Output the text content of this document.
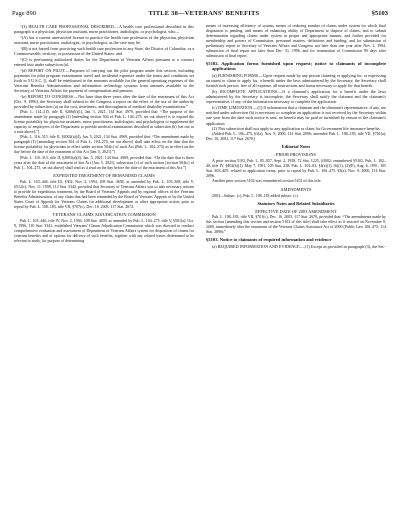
Page 890	TITLE 38—VETERANS' BENEFITS	§5103

“(3) HEALTH CARE PROFESSIONAL DESCRIBED.—A health care professional described in this paragraph is a physician, physician assistant, nurse practitioner, audiologist, or psychologist, who—

“(A) has a current unrestricted license to practice the health care profession of the physician, physician assistant, nurse practitioner, audiologist, or psychologist, as the case may be;

“(B) is not barred from practicing such health care profession in any State, the District of Columbia, or a Commonwealth, territory, or possession of the United States; and

“(C) is performing authorized duties for the Department of Veterans Affairs pursuant to a contract entered into under subsection (a).

“(d) REPORT ON PILOT.—Purposes of carrying out the pilot program under this section, including payments for pilot program examination travel and incidental expenses under the terms and conditions set forth in 5 U.S.C. [], shall be reimbursed to the amounts available for the general operating expenses of the Veterans Benefits Administration and information technology systems from amounts available to the Secretary of Veterans Affairs for payment of compensation and pension.

“(e) REPORT TO CONGRESS.—Not later than three years after the date of the enactment of this Act [Oct. 9, 1996], the Secretary shall submit to the Congress a report on the effect of the use of the authority provided by subsection (a) on the cost, timeliness, and thoroughness of medical disability examinations.”

[Pub. L. 114–315, title II, §206(b)(1), Jan. 1, 2021, 134 Stat. 4970, provided that: “The purpose of the amendment made by paragraph (1) [amending section 504 of Pub. L. 104–275, set out above] is to expand the license portability for physician assistants, nurse practitioners, audiologists, and psychologists to supplement the capacity of employees of the Department to provide medical examinations described in subsection (b) [set out as a note above].”]

[Pub. L. 116–315, title II, §2002(a)(4), Jan. 5, 2021, 134 Stat. 4969, provided that: “The amendment made by paragraph (1) [amending section 504 of Pub. L. 104–275, set out above] shall take effect on the date that the license portability for physicians in effect under section 504(c) of such Act (Pub. L. 104–275) as in effect on the day before the date of the enactment of this Act [Jan. 5, 2021].”]

[Pub. L. 116–315, title II, §2003(a)(4), Jan. 5, 2021, 134 Stat. 4969, provided that: “On the date that is three years after the date of the enactment of this Act [Jan. 5, 2021], subsection (c) of such section [section 504(c) of Pub. L. 104–275, set out above] shall read as it read on the day before the date of the enactment of this Act.”]

EXPEDITED TREATMENT OF REMANDED CLAIMS

Pub. L. 103–446, title III, §302, Nov. 2, 1994, 108 Stat. 4658, as amended by Pub. L. 105–368, title V, §512(c), Nov. 11, 1998, 112 Stat. 3342, provided that Secretary of Veterans Affairs was to take necessary actions to provide for expeditious treatment, by the Board of Veterans' Appeals and by regional offices of the Veterans Benefits Administration, of any claim that had been remanded by the Board of Veterans' Appeals or by the United States Court of Appeals for Veterans Claims for additional development or other appropriate action, prior to repeal by Pub. L. 108–183, title VII, §707(c), Dec. 16, 2003, 117 Stat. 2672.

VETERANS' CLAIMS ADJUDICATION COMMISSION

Pub. L. 103–446, title IV, Nov. 2, 1994, 108 Stat. 4659, as amended by Pub. L. 104–275, title V, §501(a), Oct. 9, 1996, 110 Stat. 3341, established Veterans' Claims Adjudication Commission which was directed to conduct comprehensive evaluation and assessment of Department of Veterans Affairs system for disposition of claims for veterans benefits and of options for delivery of such benefits, together with any related issues determined to be relevant to study, for purpose of determining

means of increasing efficiency of system, means of reducing number of claims under system for which final disposition is pending, and means of enhancing ability of Department to dispose of claims, and to submit determination regarding claims under system in proper and appropriate manner, and further provided for membership and powers of Commission, personnel matters, definitions and funding; and for submission of preliminary report to Secretary of Veterans Affairs and Congress not later than one year after Nov. 2, 1994, submission of final report not later than Dec. 31, 1996, and for termination of Commission 90 days after submission of final report.

§5102. Application forms furnished upon request; notice to claimants of incomplete applications

(a) FURNISHING FORMS.—Upon request made by any person claiming or applying for, or expressing an intent to claim or apply for, a benefit under the laws administered by the Secretary, the Secretary shall furnish such person, free of all expense, all instructions and forms necessary to apply for that benefit.

(b) INCOMPLETE APPLICATIONS.—If a claimant's application for a benefit under the laws administered by the Secretary is incomplete, the Secretary shall notify the claimant and the claimant's representative, if any, of the information necessary to complete the application.

(c) TIME LIMITATION.—(1) If information that a claimant and the claimant's representative, if any, are notified under subsection (b) is necessary to complete an application is not received by the Secretary within one year from the date such notice is sent, no benefit may be paid or furnished by reason of the claimant's application.

(2) This subsection shall not apply to any application or claim for Government life insurance benefits.

(Added Pub. L. 106–475, §3(a), Nov. 9, 2000, 114 Stat. 2096; amended Pub. L. 108–183, title VII, §701(a), Dec. 16, 2003, 117 Stat. 2670.)

Editorial Notes
PRIOR PROVISIONS

A prior section 5102, Pub. L. 85–857, Sept. 2, 1958, 72 Stat. 1225, §3002; renumbered §5102, Pub. L. 102–40, title IV, §402(b)(1), May 7, 1991, 105 Stat. 238; Pub. L. 102–83, §4(a)(1), (b)(1), (2)(E), Aug. 6, 1991, 105 Stat. 403–405, related to application forms, prior to repeal by Pub. L. 106–475, §3(a), Nov. 9, 2000, 114 Stat. 2096.

Another prior section 5102 was renumbered section 5101 of this title.

AMENDMENTS

2003—Subsec. (c). Pub. L. 108–183 added subsec. (c).

Statutory Notes and Related Subsidiaries
EFFECTIVE DATE OF 2003 AMENDMENT

Pub. L. 108–183, title VII, §701(c), Dec. 16, 2003, 117 Stat. 2670, provided that: “The amendments made by this section [amending this section and section 5103 of this title] shall take effect as if enacted on November 9, 2000, immediately after the enactment of the Veterans Claims Assistance Act of 2000 (Public Law 106–475; 114 Stat. 2096).”

§5103. Notice to claimants of required information and evidence

(a) REQUIRED INFORMATION AND EVIDENCE.—(1) Except as provided in paragraph (3), the Sec-
